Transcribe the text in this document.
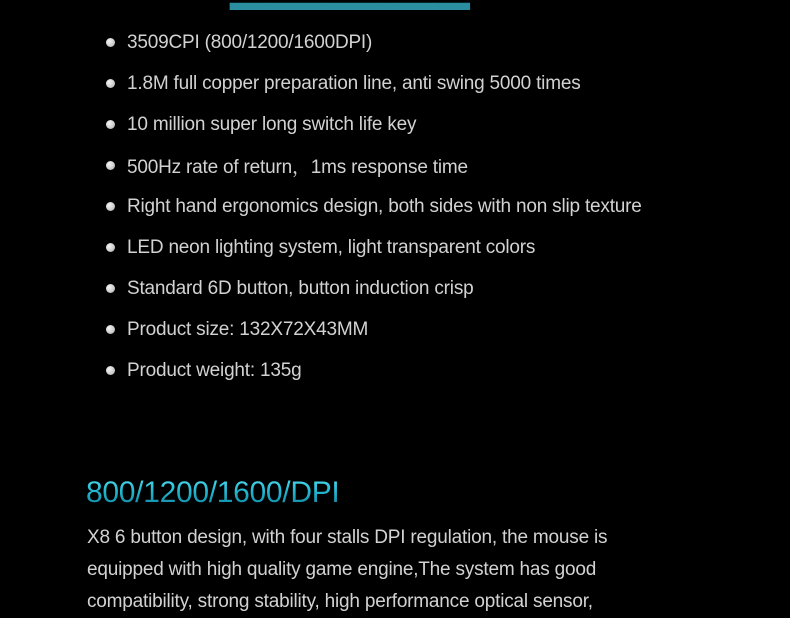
3509CPI (800/1200/1600DPI)
1.8M full copper preparation line, anti swing 5000 times
10 million super long switch life key
500Hz rate of return，1ms response time
Right hand ergonomics design, both sides with non slip texture
LED neon lighting system, light transparent colors
Standard 6D button, button induction crisp
Product size: 132X72X43MM
Product weight: 135g
800/1200/1600/DPI

X8 6 button design, with four stalls DPI regulation, the mouse is equipped with high quality game engine,The system has good compatibility, strong stability, high performance optical sensor,
